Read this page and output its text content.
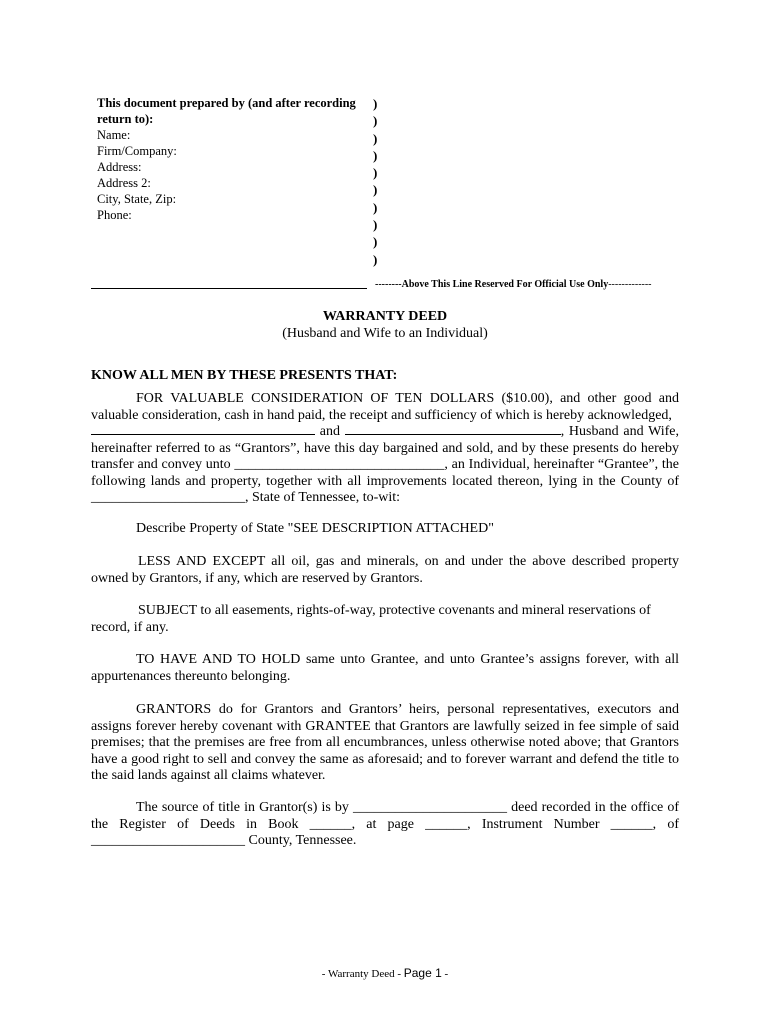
This document prepared by (and after recording return to):
Name:
Firm/Company:
Address:
Address 2:
City, State, Zip:
Phone:
)
)
)
)
)
)
)
)
)
)
--------Above This Line Reserved For Official Use Only-------------
WARRANTY DEED
(Husband and Wife to an Individual)
KNOW ALL MEN BY THESE PRESENTS THAT:
FOR VALUABLE CONSIDERATION OF TEN DOLLARS ($10.00), and other good and valuable consideration, cash in hand paid, the receipt and sufficiency of which is hereby acknowledged,
and	, Husband and Wife, hereinafter referred to as “Grantors”, have this day bargained and sold, and by these presents do hereby transfer and convey unto ______________________________, an Individual, hereinafter “Grantee”, the following lands and property, together with all improvements located thereon, lying in the County of ______________________, State of Tennessee, to-wit:
Describe Property of State "SEE DESCRIPTION ATTACHED"
LESS AND EXCEPT all oil, gas and minerals, on and under the above described property owned by Grantors, if any, which are reserved by Grantors.
SUBJECT to all easements, rights-of-way, protective covenants and mineral reservations of record, if any.
TO HAVE AND TO HOLD same unto Grantee, and unto Grantee’s assigns forever, with all appurtenances thereunto belonging.
GRANTORS do for Grantors and Grantors’ heirs, personal representatives, executors and assigns forever hereby covenant with GRANTEE that Grantors are lawfully seized in fee simple of said premises; that the premises are free from all encumbrances, unless otherwise noted above; that Grantors have a good right to sell and convey the same as aforesaid; and to forever warrant and defend the title to the said lands against all claims whatever.
The source of title in Grantor(s) is by ______________________ deed recorded in the office of the Register of Deeds in Book ______, at page ______, Instrument Number ______, of ______________________ County, Tennessee.
- Warranty Deed - Page 1 -
